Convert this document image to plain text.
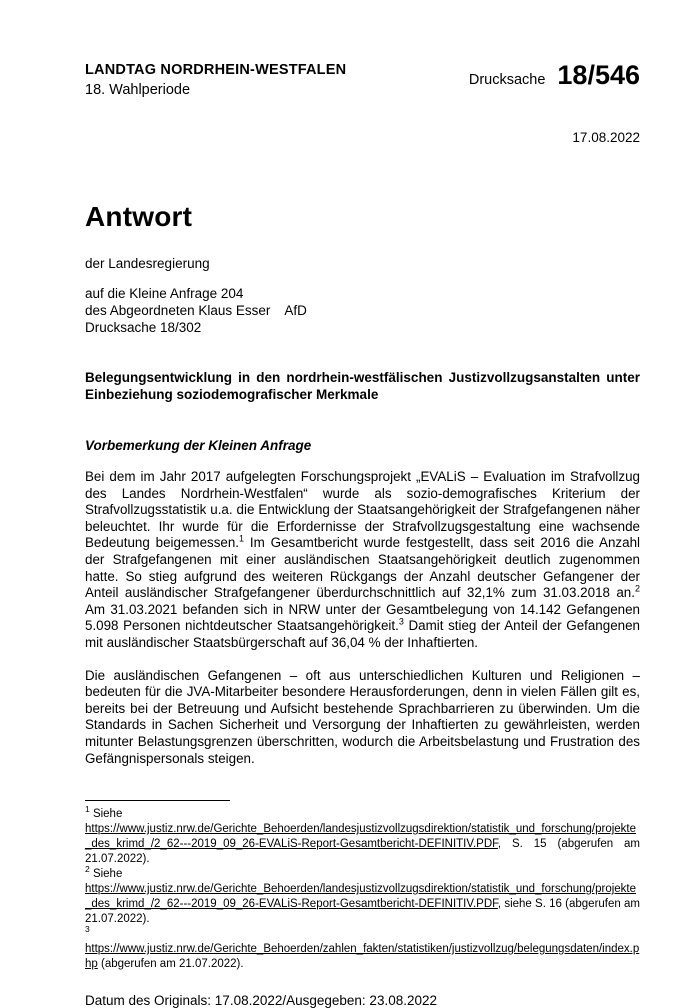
LANDTAG NORDRHEIN-WESTFALEN
18. Wahlperiode
Drucksache 18/546
17.08.2022
Antwort

der Landesregierung

auf die Kleine Anfrage 204
des Abgeordneten Klaus Esser AfD
Drucksache 18/302
Belegungsentwicklung in den nordrhein-westfälischen Justizvollzugsanstalten unter Einbeziehung soziodemografischer Merkmale
Vorbemerkung der Kleinen Anfrage

Bei dem im Jahr 2017 aufgelegten Forschungsprojekt „EVALiS – Evaluation im Strafvollzug des Landes Nordrhein-Westfalen“ wurde als sozio-demografisches Kriterium der Strafvollzugsstatistik u.a. die Entwicklung der Staatsangehörigkeit der Strafgefangenen näher beleuchtet. Ihr wurde für die Erfordernisse der Strafvollzugsgestaltung eine wachsende Bedeutung beigemessen.$^1$ Im Gesamtbericht wurde festgestellt, dass seit 2016 die Anzahl der Strafgefangenen mit einer ausländischen Staatsangehörigkeit deutlich zugenommen hatte. So stieg aufgrund des weiteren Rückgangs der Anzahl deutscher Gefangener der Anteil ausländischer Strafgefangener überdurchschnittlich auf 32,1% zum 31.03.2018 an.$^2$ Am 31.03.2021 befanden sich in NRW unter der Gesamtbelegung von 14.142 Gefangenen 5.098 Personen nichtdeutscher Staatsangehörigkeit.$^3$ Damit stieg der Anteil der Gefangenen mit ausländischer Staatsbürgerschaft auf 36,04 % der Inhaftierten.

Die ausländischen Gefangenen – oft aus unterschiedlichen Kulturen und Religionen – bedeuten für die JVA-Mitarbeiter besondere Herausforderungen, denn in vielen Fällen gilt es, bereits bei der Betreuung und Aufsicht bestehende Sprachbarrieren zu überwinden. Um die Standards in Sachen Sicherheit und Versorgung der Inhaftierten zu gewährleisten, werden mitunter Belastungsgrenzen überschritten, wodurch die Arbeitsbelastung und Frustration des Gefängnispersonals steigen.

$^1$ Siehe
https://www.justiz.nrw.de/Gerichte_Behoerden/landesjustizvollzugsdirektion/statistik_und_forschung/projekte_des_krimd_/2_62---2019_09_26-EVALiS-Report-Gesamtbericht-DEFINITIV.PDF, S. 15 (abgerufen am 21.07.2022).
$^2$ Siehe
https://www.justiz.nrw.de/Gerichte_Behoerden/landesjustizvollzugsdirektion/statistik_und_forschung/projekte_des_krimd_/2_62---2019_09_26-EVALiS-Report-Gesamtbericht-DEFINITIV.PDF, siehe S. 16 (abgerufen am 21.07.2022).
$^3$
https://www.justiz.nrw.de/Gerichte_Behoerden/zahlen_fakten/statistiken/justizvollzug/belegungsdaten/index.php (abgerufen am 21.07.2022).

Datum des Originals: 17.08.2022/Ausgegeben: 23.08.2022
